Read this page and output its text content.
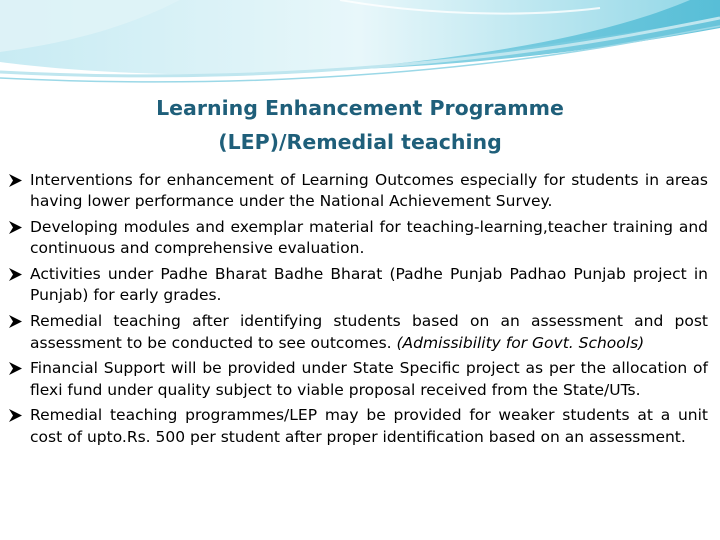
Learning Enhancement Programme
(LEP)/Remedial teaching
Interventions for enhancement of Learning Outcomes especially for students in areas having lower performance under the National Achievement Survey.
Developing modules and exemplar material for teaching-learning,teacher training and continuous and comprehensive evaluation.
Activities under Padhe Bharat Badhe Bharat (Padhe Punjab Padhao Punjab project in Punjab) for early grades.
Remedial teaching after identifying students based on an assessment and post assessment to be conducted to see outcomes. (Admissibility for Govt. Schools)
Financial Support will be provided under State Specific project as per the allocation of flexi fund under quality subject to viable proposal received from the State/UTs.
Remedial teaching programmes/LEP may be provided for weaker students at a unit cost of upto.Rs. 500 per student after proper identification based on an assessment.
